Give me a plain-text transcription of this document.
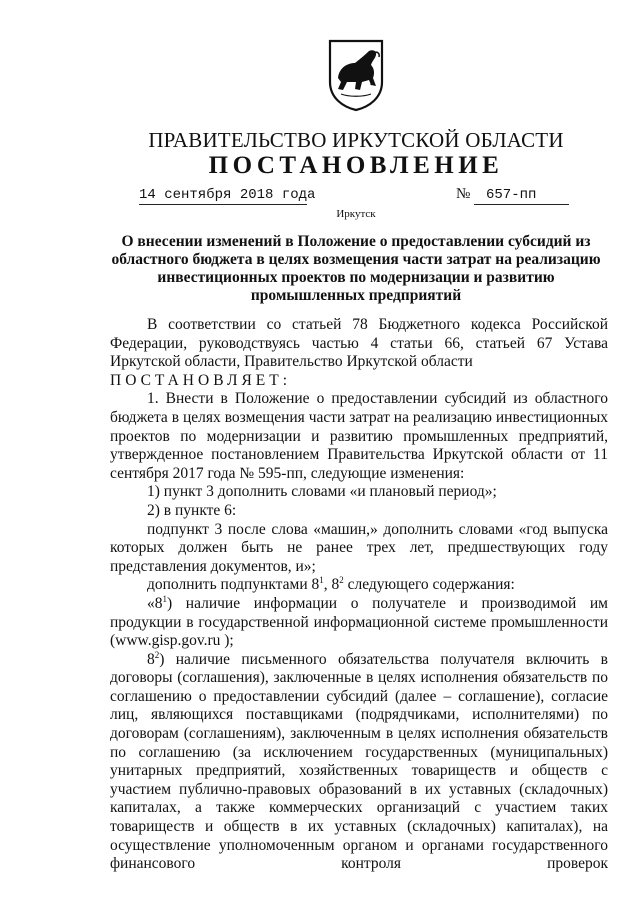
ПРАВИТЕЛЬСТВО ИРКУТСКОЙ ОБЛАСТИ
ПОСТАНОВЛЕНИЕ
14 сентября 2018 года	№ 657-пп
Иркутск
О внесении изменений в Положение о предоставлении субсидий из областного бюджета в целях возмещения части затрат на реализацию инвестиционных проектов по модернизации и развитию промышленных предприятий

В соответствии со статьей 78 Бюджетного кодекса Российской Федерации, руководствуясь частью 4 статьи 66, статьей 67 Устава Иркутской области, Правительство Иркутской области

ПОСТАНОВЛЯЕТ:

1. Внести в Положение о предоставлении субсидий из областного бюджета в целях возмещения части затрат на реализацию инвестиционных проектов по модернизации и развитию промышленных предприятий, утвержденное постановлением Правительства Иркутской области от 11 сентября 2017 года № 595-пп, следующие изменения:

1) пункт 3 дополнить словами «и плановый период»;

2) в пункте 6:

подпункт 3 после слова «машин,» дополнить словами «год выпуска которых должен быть не ранее трех лет, предшествующих году представления документов, и»;

дополнить подпунктами $8^1$, $8^2$ следующего содержания:

«$8^1$) наличие информации о получателе и производимой им продукции в государственной информационной системе промышленности (www.gisp.gov.ru );

$8^2$) наличие письменного обязательства получателя включить в договоры (соглашения), заключенные в целях исполнения обязательств по соглашению о предоставлении субсидий (далее – соглашение), согласие лиц, являющихся поставщиками (подрядчиками, исполнителями) по договорам (соглашениям), заключенным в целях исполнения обязательств по соглашению (за исключением государственных (муниципальных) унитарных предприятий, хозяйственных товариществ и обществ с участием публично-правовых образований в их уставных (складочных) капиталах, а также коммерческих организаций с участием таких товариществ и обществ в их уставных (складочных) капиталах), на осуществление уполномоченным органом и органами государственного финансового контроля проверок
